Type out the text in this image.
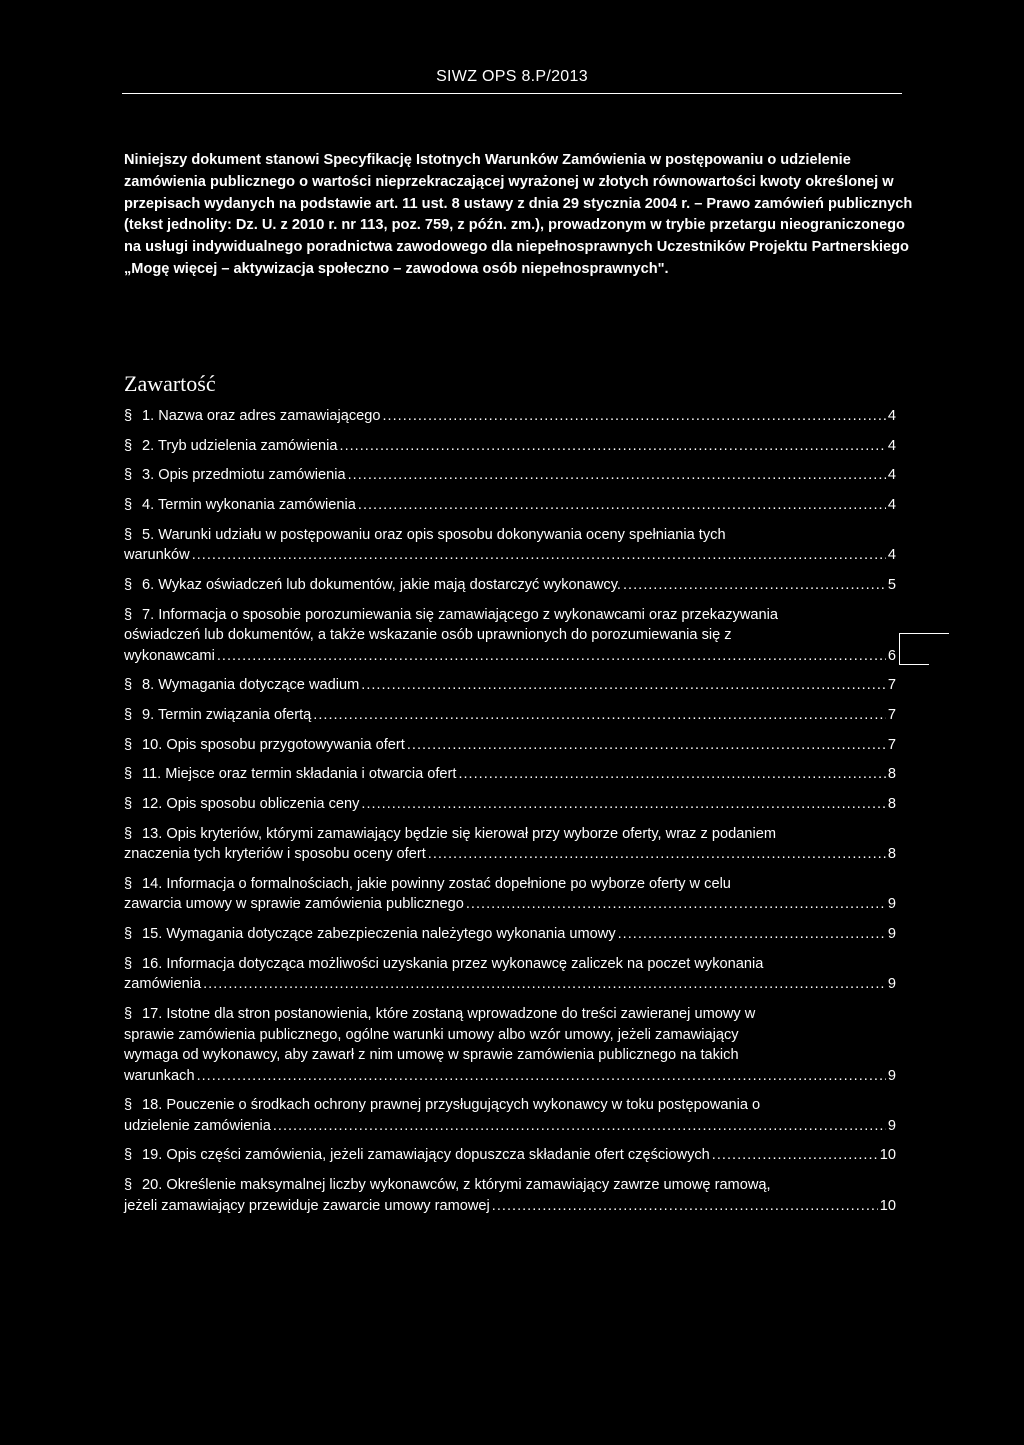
SIWZ OPS 8.P/2013
Niniejszy dokument stanowi Specyfikację Istotnych Warunków Zamówienia w postępowaniu o udzielenie zamówienia publicznego o wartości nieprzekraczającej wyrażonej w złotych równowartości kwoty określonej w przepisach wydanych na podstawie art. 11 ust. 8 ustawy z dnia 29 stycznia 2004 r. – Prawo zamówień publicznych (tekst jednolity: Dz. U. z 2010 r. nr 113, poz. 759, z późn. zm.), prowadzonym w trybie przetargu nieograniczonego na usługi indywidualnego poradnictwa zawodowego dla niepełnosprawnych Uczestników Projektu Partnerskiego „Mogę więcej – aktywizacja społeczno – zawodowa osób niepełnosprawnych".
Zawartość
§ 1. Nazwa oraz adres zamawiającego .....	4
§ 2. Tryb udzielenia zamówienia .....	4
§ 3. Opis przedmiotu zamówienia .....	4
§ 4. Termin wykonania zamówienia .....	4
§ 5. Warunki udziału w postępowaniu oraz opis sposobu dokonywania oceny spełniania tych
warunków .....	4
§ 6. Wykaz oświadczeń lub dokumentów, jakie mają dostarczyć wykonawcy. .....	5
§ 7. Informacja o sposobie porozumiewania się zamawiającego z wykonawcami oraz przekazywania
oświadczeń lub dokumentów, a także wskazanie osób uprawnionych do porozumiewania się z
wykonawcami .....	6
§ 8. Wymagania dotyczące wadium .....	7
§ 9. Termin związania ofertą .....	7
§ 10. Opis sposobu przygotowywania ofert .....	7
§ 11. Miejsce oraz termin składania i otwarcia ofert .....	8
§ 12. Opis sposobu obliczenia ceny .....	8
§ 13. Opis kryteriów, którymi zamawiający będzie się kierował przy wyborze oferty, wraz z podaniem
znaczenia tych kryteriów i sposobu oceny ofert .....	8
§ 14. Informacja o formalnościach, jakie powinny zostać dopełnione po wyborze oferty w celu
zawarcia umowy w sprawie zamówienia publicznego .....	9
§ 15. Wymagania dotyczące zabezpieczenia należytego wykonania umowy .....	9
§ 16. Informacja dotycząca możliwości uzyskania przez wykonawcę zaliczek na poczet wykonania
zamówienia .....	9
§ 17. Istotne dla stron postanowienia, które zostaną wprowadzone do treści zawieranej umowy w
sprawie zamówienia publicznego, ogólne warunki umowy albo wzór umowy, jeżeli zamawiający
wymaga od wykonawcy, aby zawarł z nim umowę w sprawie zamówienia publicznego na takich
warunkach .....	9
§ 18. Pouczenie o środkach ochrony prawnej przysługujących wykonawcy w toku postępowania o
udzielenie zamówienia .....	9
§ 19. Opis części zamówienia, jeżeli zamawiający dopuszcza składanie ofert częściowych .....	10
§ 20. Określenie maksymalnej liczby wykonawców, z którymi zamawiający zawrze umowę ramową,
jeżeli zamawiający przewiduje zawarcie umowy ramowej .....	10
